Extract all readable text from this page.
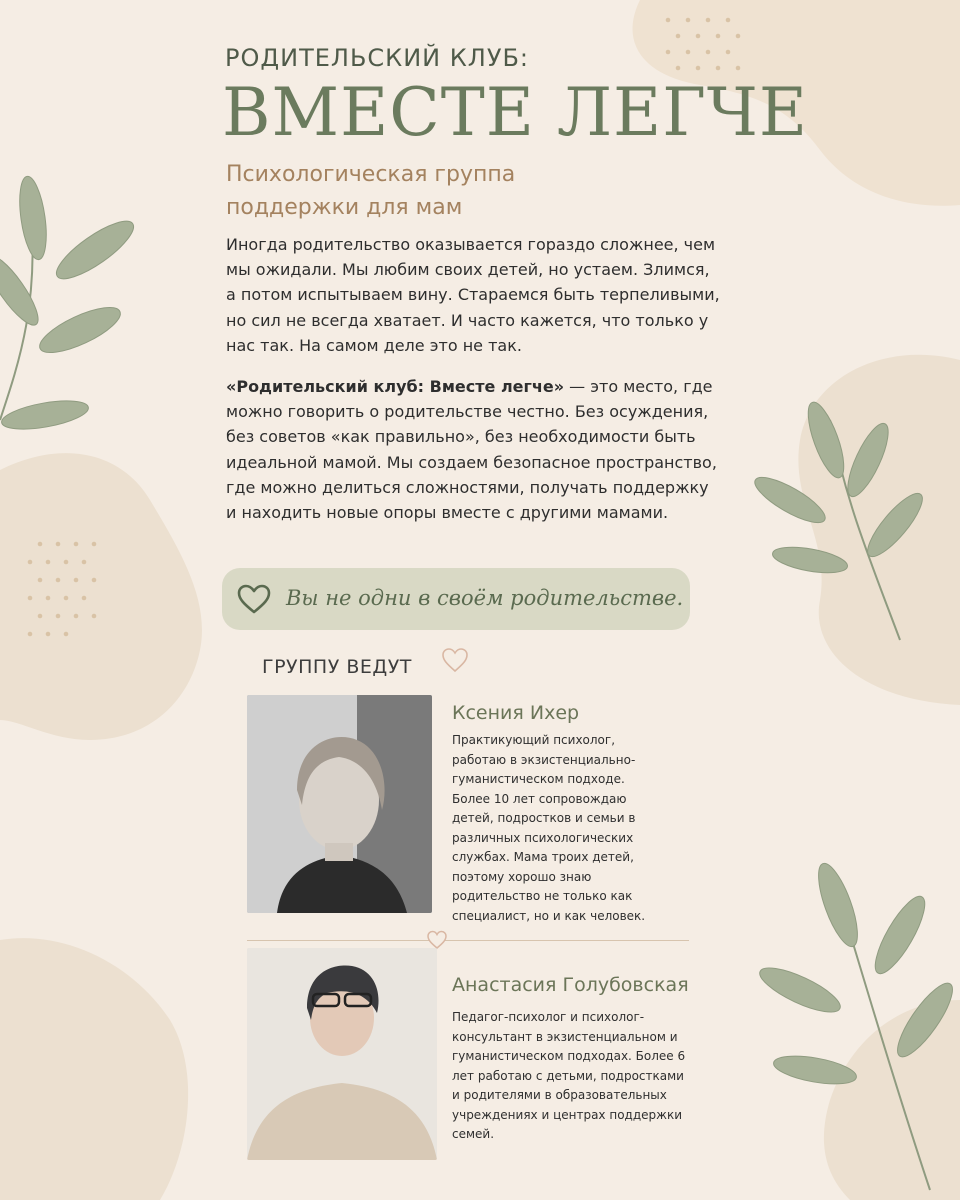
РОДИТЕЛЬСКИЙ КЛУБ:
ВМЕСТЕ ЛЕГЧЕ
Психологическая группа
поддержки для мам

Иногда родительство оказывается гораздо сложнее, чем мы ожидали. Мы любим своих детей, но устаем. Злимся, а потом испытываем вину. Стараемся быть терпеливыми, но сил не всегда хватает. И часто кажется, что только у нас так. На самом деле это не так.

«Родительский клуб: Вместе легче» — это место, где можно говорить о родительстве честно. Без осуждения, без советов «как правильно», без необходимости быть идеальной мамой. Мы создаем безопасное пространство, где можно делиться сложностями, получать поддержку и находить новые опоры вместе с другими мамами.

Вы не одни в своём родительстве.
ГРУППУ ВЕДУТ
Ксения Ихер

Практикующий психолог, работаю в экзистенциально-гуманистическом подходе. Более 10 лет сопровождаю детей, подростков и семьи в различных психологических службах. Мама троих детей, поэтому хорошо знаю родительство не только как специалист, но и как человек.

Анастасия Голубовская

Педагог-психолог и психолог-консультант в экзистенциальном и гуманистическом подходах. Более 6 лет работаю с детьми, подростками и родителями в образовательных учреждениях и центрах поддержки семей.
